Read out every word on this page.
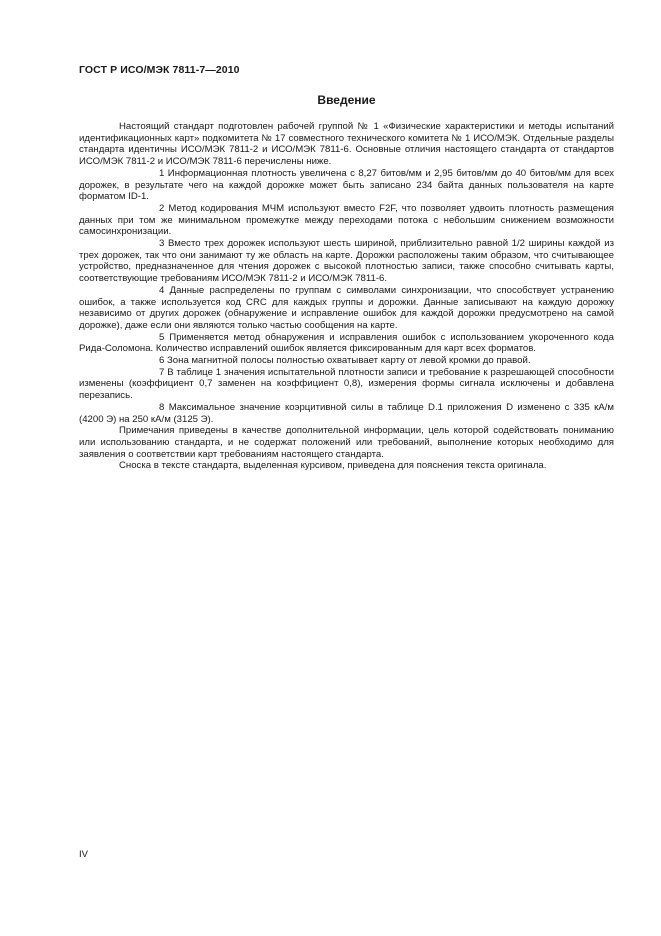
ГОСТ Р ИСО/МЭК 7811-7—2010
Введение

Настоящий стандарт подготовлен рабочей группой № 1 «Физические характеристики и методы испытаний идентификационных карт» подкомитета № 17 совместного технического комитета № 1 ИСО/МЭК. Отдельные разделы стандарта идентичны ИСО/МЭК 7811-2 и ИСО/МЭК 7811-6. Основные отличия настоящего стандарта от стандартов ИСО/МЭК 7811-2 и ИСО/МЭК 7811-6 перечислены ниже.

1 Информационная плотность увеличена с 8,27 битов/мм и 2,95 битов/мм до 40 битов/мм для всех дорожек, в результате чего на каждой дорожке может быть записано 234 байта данных пользователя на карте форматом ID-1.

2 Метод кодирования МЧМ используют вместо F2F, что позволяет удвоить плотность размещения данных при том же минимальном промежутке между переходами потока с небольшим снижением возможности самосинхронизации.

3 Вместо трех дорожек используют шесть шириной, приблизительно равной 1/2 ширины каждой из трех дорожек, так что они занимают ту же область на карте. Дорожки расположены таким образом, что считывающее устройство, предназначенное для чтения дорожек с высокой плотностью записи, также способно считывать карты, соответствующие требованиям ИСО/МЭК 7811-2 и ИСО/МЭК 7811-6.

4 Данные распределены по группам с символами синхронизации, что способствует устранению ошибок, а также используется код CRC для каждых группы и дорожки. Данные записывают на каждую дорожку независимо от других дорожек (обнаружение и исправление ошибок для каждой дорожки предусмотрено на самой дорожке), даже если они являются только частью сообщения на карте.

5 Применяется метод обнаружения и исправления ошибок с использованием укороченного кода Рида-Соломона. Количество исправлений ошибок является фиксированным для карт всех форматов.

6 Зона магнитной полосы полностью охватывает карту от левой кромки до правой.

7 В таблице 1 значения испытательной плотности записи и требование к разрешающей способности изменены (коэффициент 0,7 заменен на коэффициент 0,8), измерения формы сигнала исключены и добавлена перезапись.

8 Максимальное значение коэрцитивной силы в таблице D.1 приложения D изменено с 335 кА/м (4200 Э) на 250 кА/м (3125 Э).

Примечания приведены в качестве дополнительной информации, цель которой содействовать пониманию или использованию стандарта, и не содержат положений или требований, выполнение которых необходимо для заявления о соответствии карт требованиям настоящего стандарта.

Сноска в тексте стандарта, выделенная курсивом, приведена для пояснения текста оригинала.

IV
